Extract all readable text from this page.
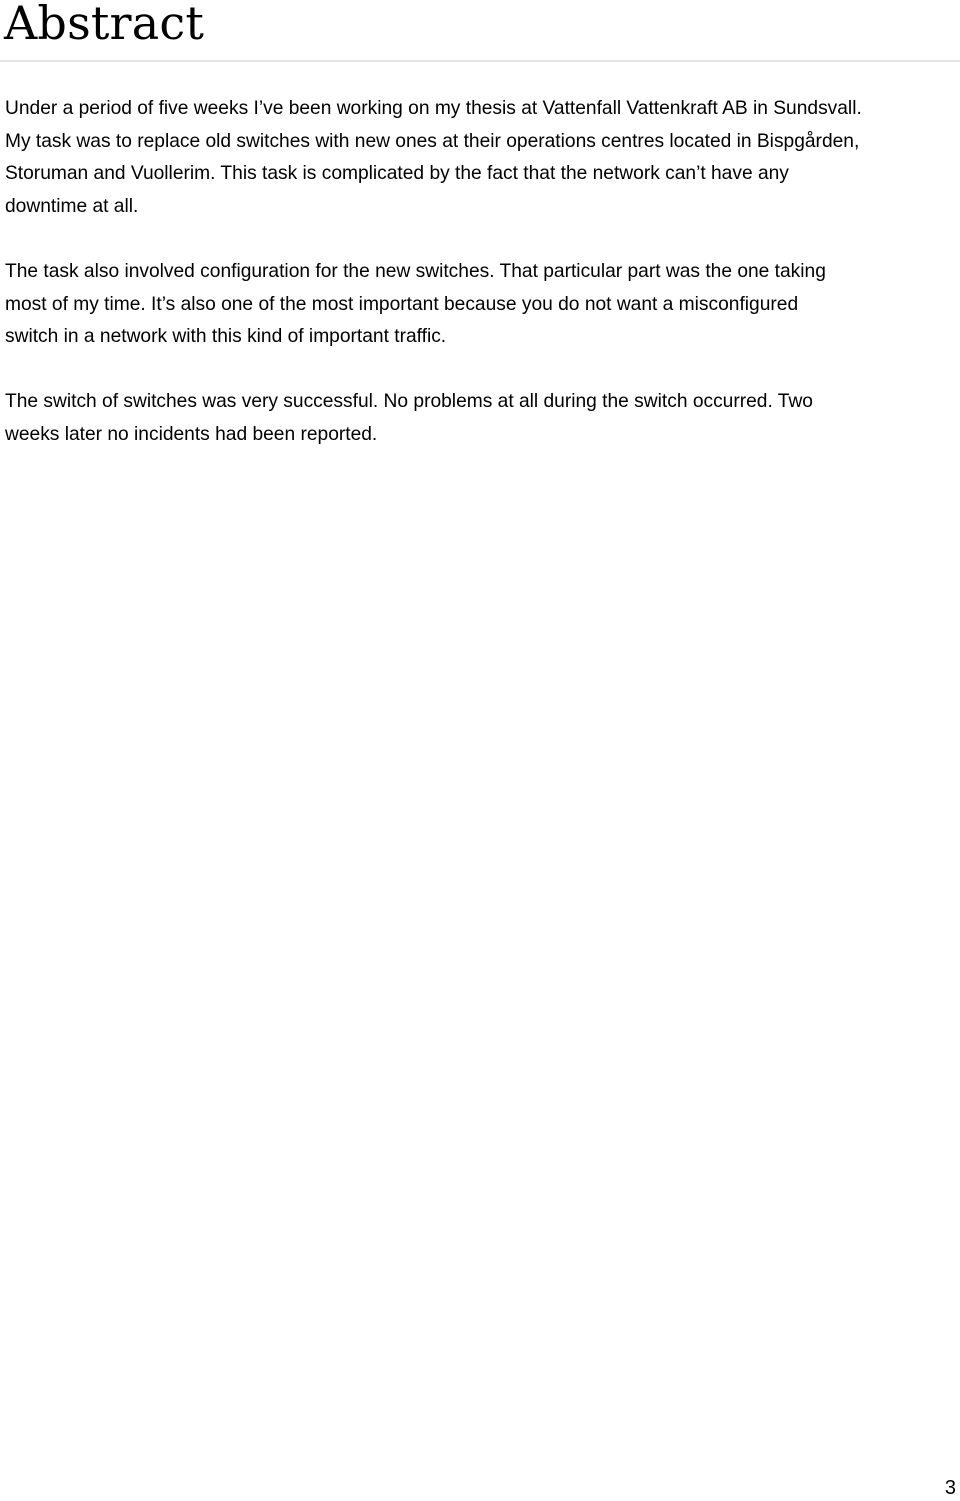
Abstract

Under a period of five weeks I’ve been working on my thesis at Vattenfall Vattenkraft AB in Sundsvall.
My task was to replace old switches with new ones at their operations centres located in Bispgården,
Storuman and Vuollerim. This task is complicated by the fact that the network can’t have any
downtime at all.

The task also involved configuration for the new switches. That particular part was the one taking
most of my time. It’s also one of the most important because you do not want a misconfigured
switch in a network with this kind of important traffic.

The switch of switches was very successful. No problems at all during the switch occurred. Two
weeks later no incidents had been reported.

3
